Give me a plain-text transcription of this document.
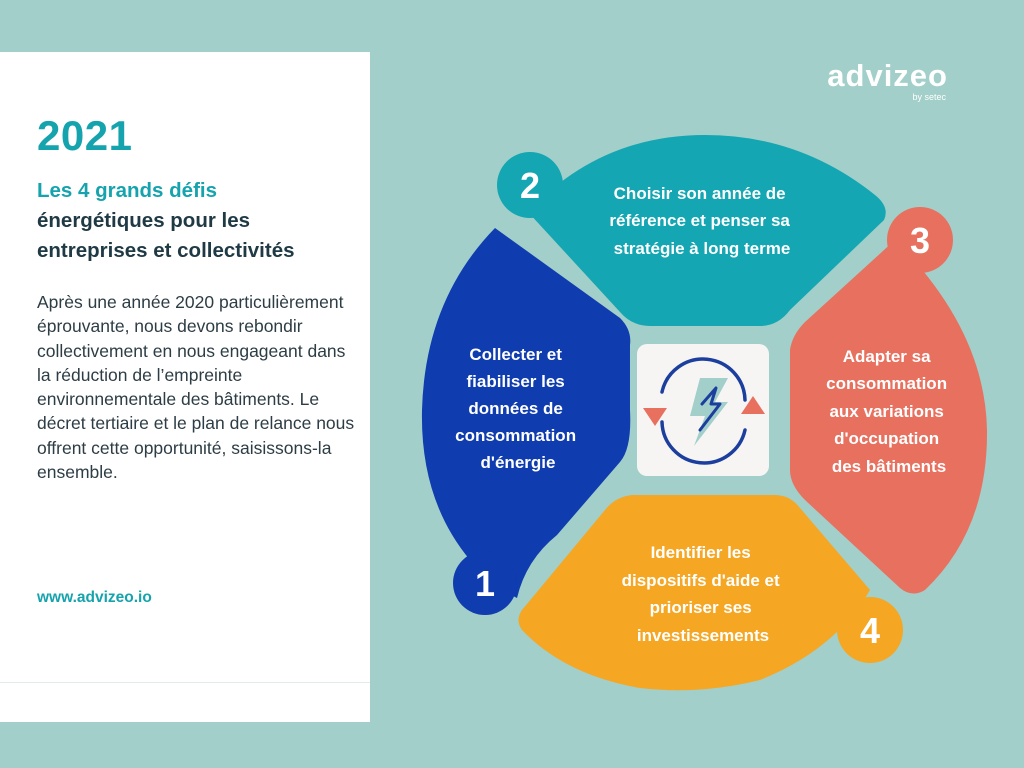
2021
Les 4 grands défis
énergétiques pour les entreprises et collectivités

Après une année 2020 particulièrement éprouvante, nous devons rebondir collectivement en nous engageant dans la réduction de l’empreinte environnementale des bâtiments. Le décret tertiaire et le plan de relance nous offrent cette opportunité, saisissons-la ensemble.

www.advizeo.io
advizeo
by setec
1
Collecter et fiabiliser les données de consommation d'énergie
2	Choisir son année de référence et penser sa stratégie à long terme	3
Adapter sa consommation aux variations d'occupation des bâtiments
4
Identifier les dispositifs d'aide et prioriser ses investissements
